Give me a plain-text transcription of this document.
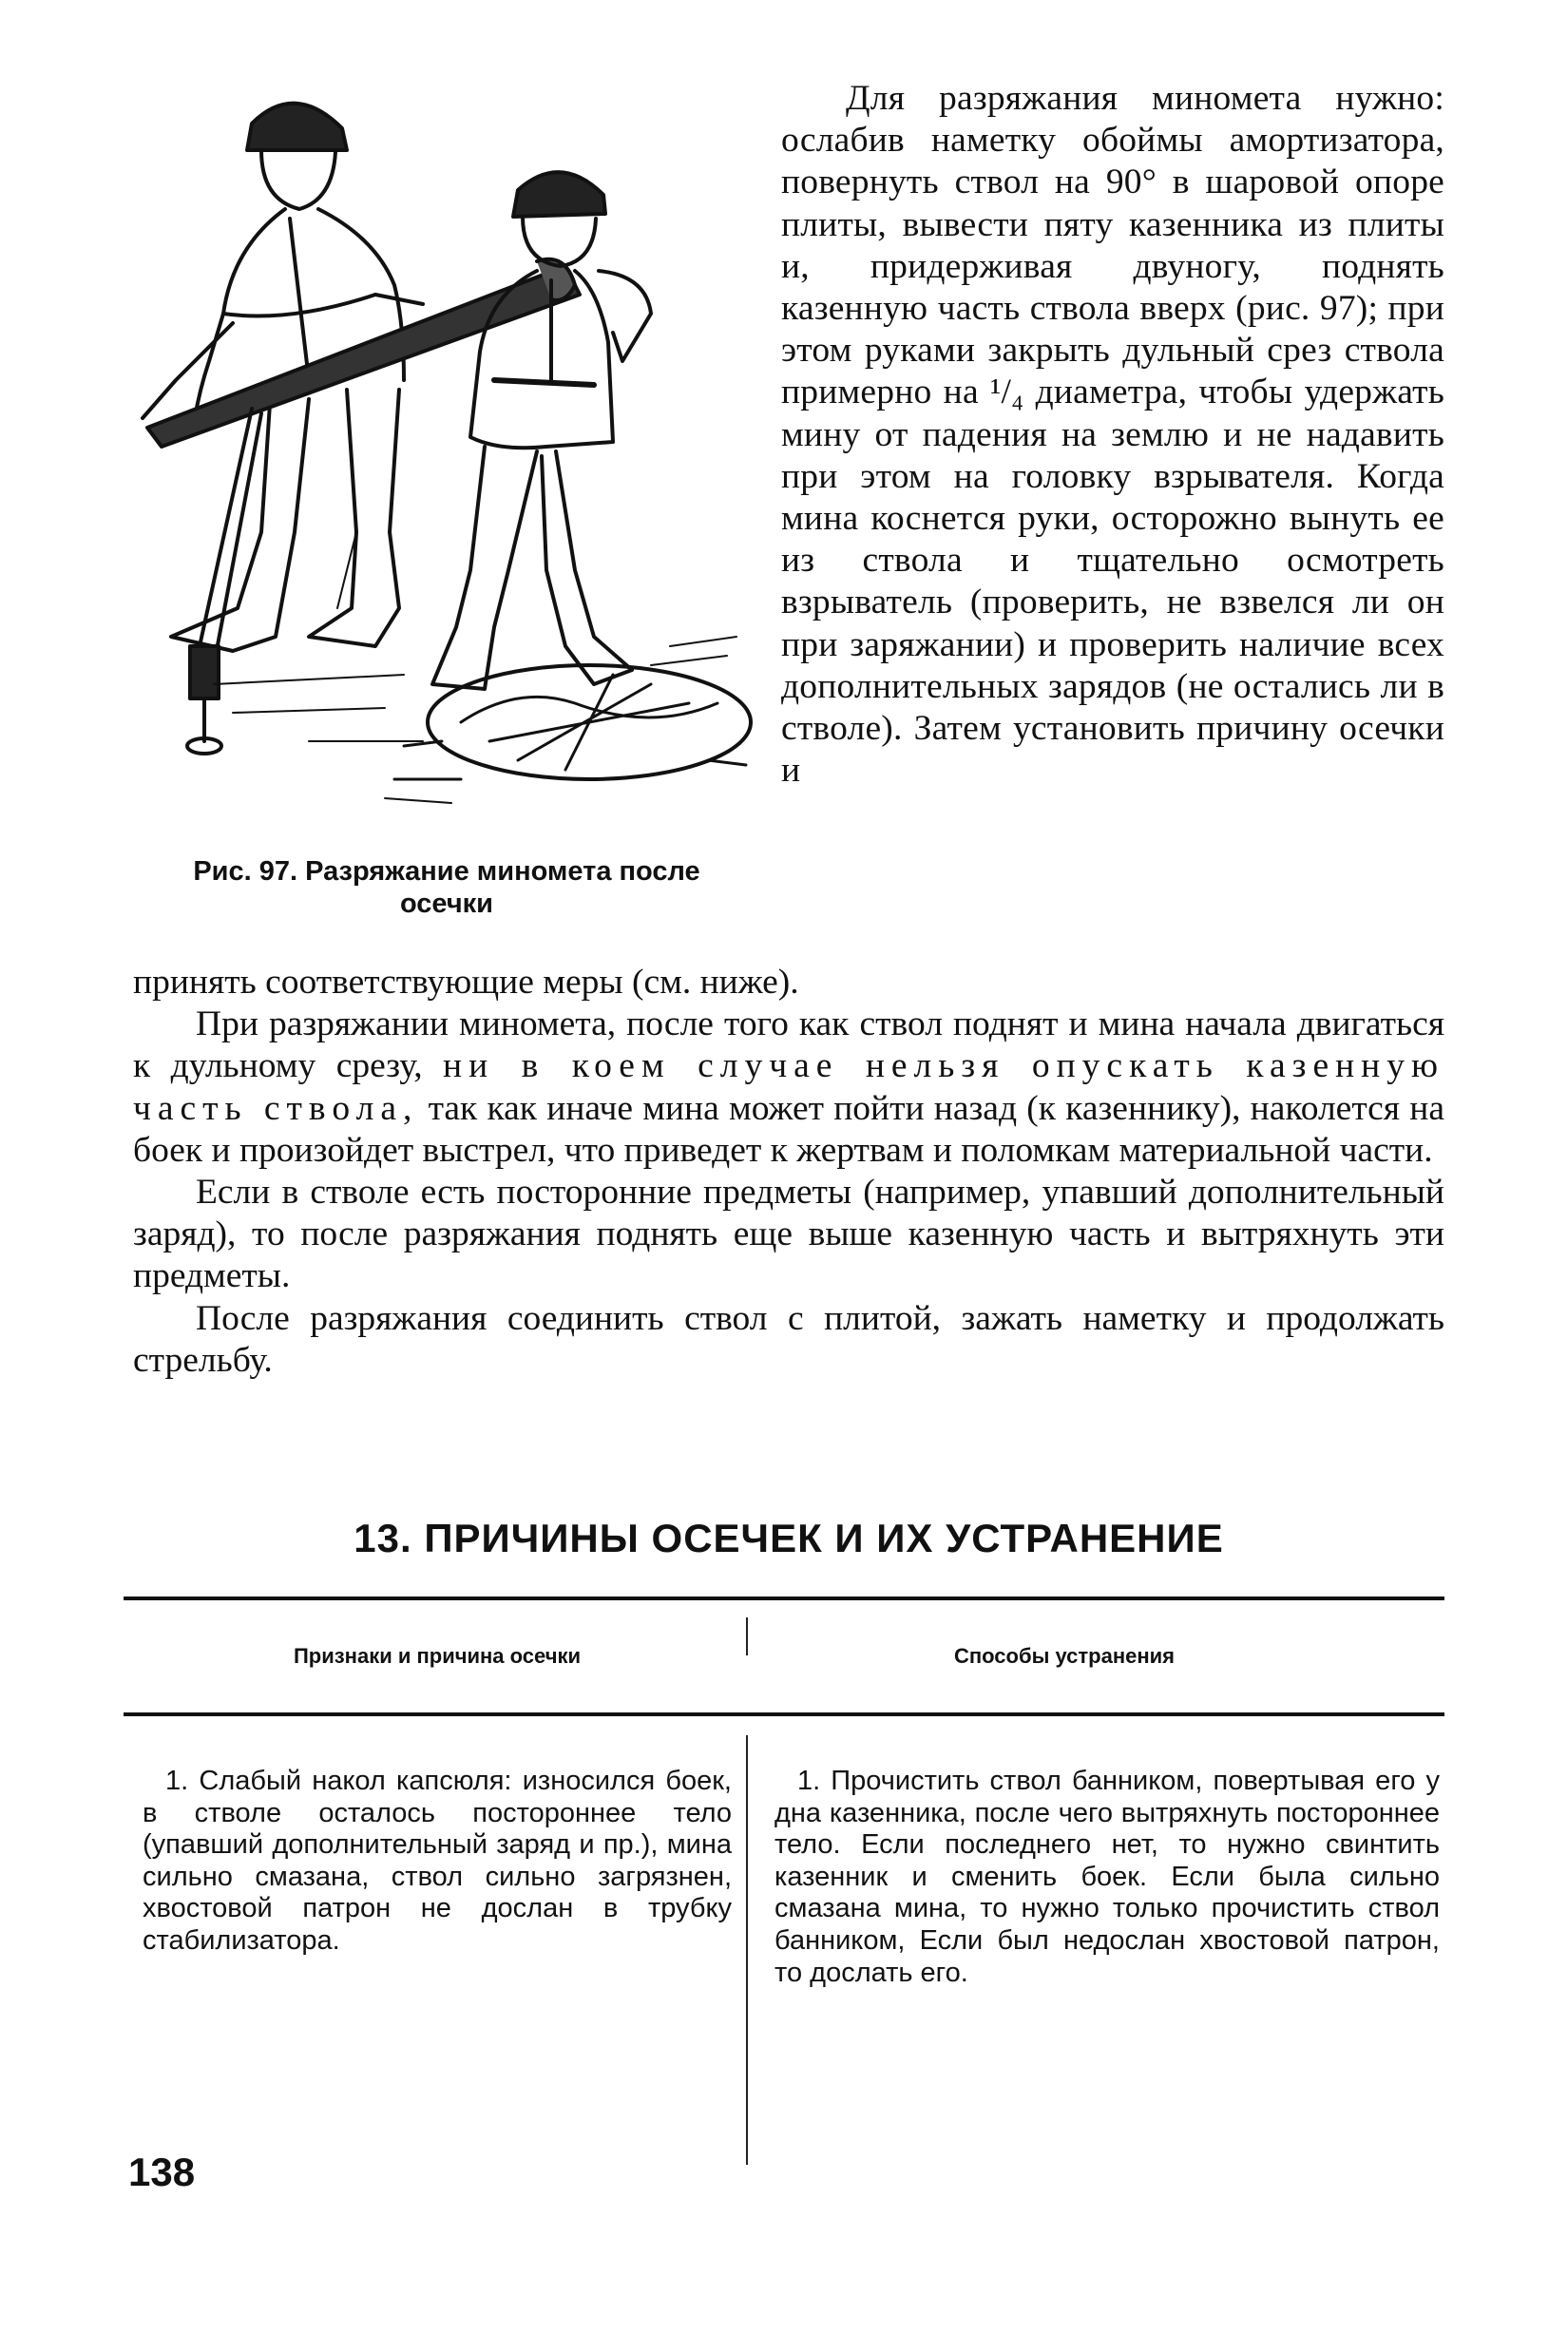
Рис. 97. Разряжание миномета после
осечки
Для разряжания миномета нужно: ослабив наметку обоймы амортизатора, повернуть ствол на 90° в шаровой опоре плиты, вывести пяту казенника из плиты и, придерживая двуногу, поднять казенную часть ствола вверх (рис. 97); при этом руками закрыть дульный срез ствола примерно на ¹/₄ диаметра, чтобы удержать мину от падения на землю и не надавить при этом на головку взрывателя. Когда мина коснется руки, осторожно вынуть ее из ствола и тщательно осмотреть взрыватель (проверить, не взвелся ли он при заряжании) и проверить наличие всех дополнительных зарядов (не остались ли в стволе). Затем установить причину осечки и

принять соответствующие меры (см. ниже).

При разряжании миномета, после того как ствол поднят и мина начала двигаться к дульному срезу, ни в коем случае нельзя опускать казенную часть ствола, так как иначе мина может пойти назад (к казеннику), наколется на боек и произойдет выстрел, что приведет к жертвам и поломкам материальной части.

Если в стволе есть посторонние предметы (например, упавший дополнительный заряд), то после разряжания поднять еще выше казенную часть и вытряхнуть эти предметы.

После разряжания соединить ствол с плитой, зажать наметку и продолжать стрельбу.

13. ПРИЧИНЫ ОСЕЧЕК И ИХ УСТРАНЕНИЕ
Признаки и причина осечки	Способы устранения
1. Слабый накол капсюля: износился боек, в стволе осталось постороннее тело (упавший дополнительный заряд и пр.), мина сильно смазана, ствол сильно загрязнен, хвостовой патрон не дослан в трубку стабилизатора.
1. Прочистить ствол банником, повертывая его у дна казенника, после чего вытряхнуть постороннее тело. Если последнего нет, то нужно свинтить казенник и сменить боек. Если была сильно смазана мина, то нужно только прочистить ствол банником, Если был недослан хвостовой патрон, то дослать его.
138
